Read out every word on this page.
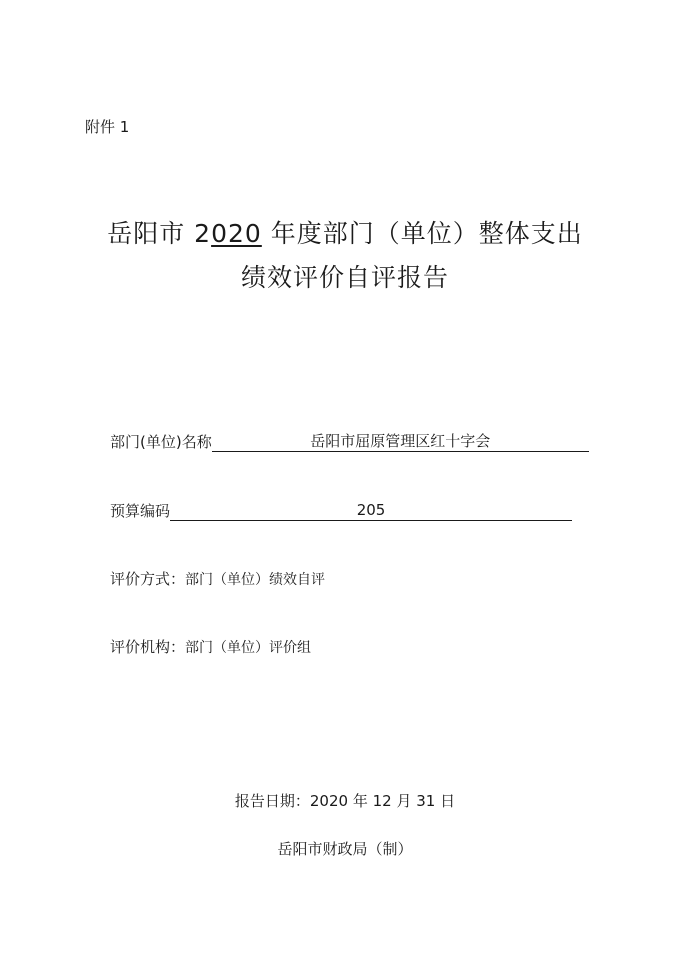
附件 1
岳阳市 2020 年度部门（单位）整体支出
绩效评价自评报告
部门(单位)名称	岳阳市屈原管理区红十字会
预算编码	205
评价方式： 部门（单位）绩效自评
评价机构： 部门（单位）评价组
报告日期：2020 年 12 月 31 日
岳阳市财政局（制）
